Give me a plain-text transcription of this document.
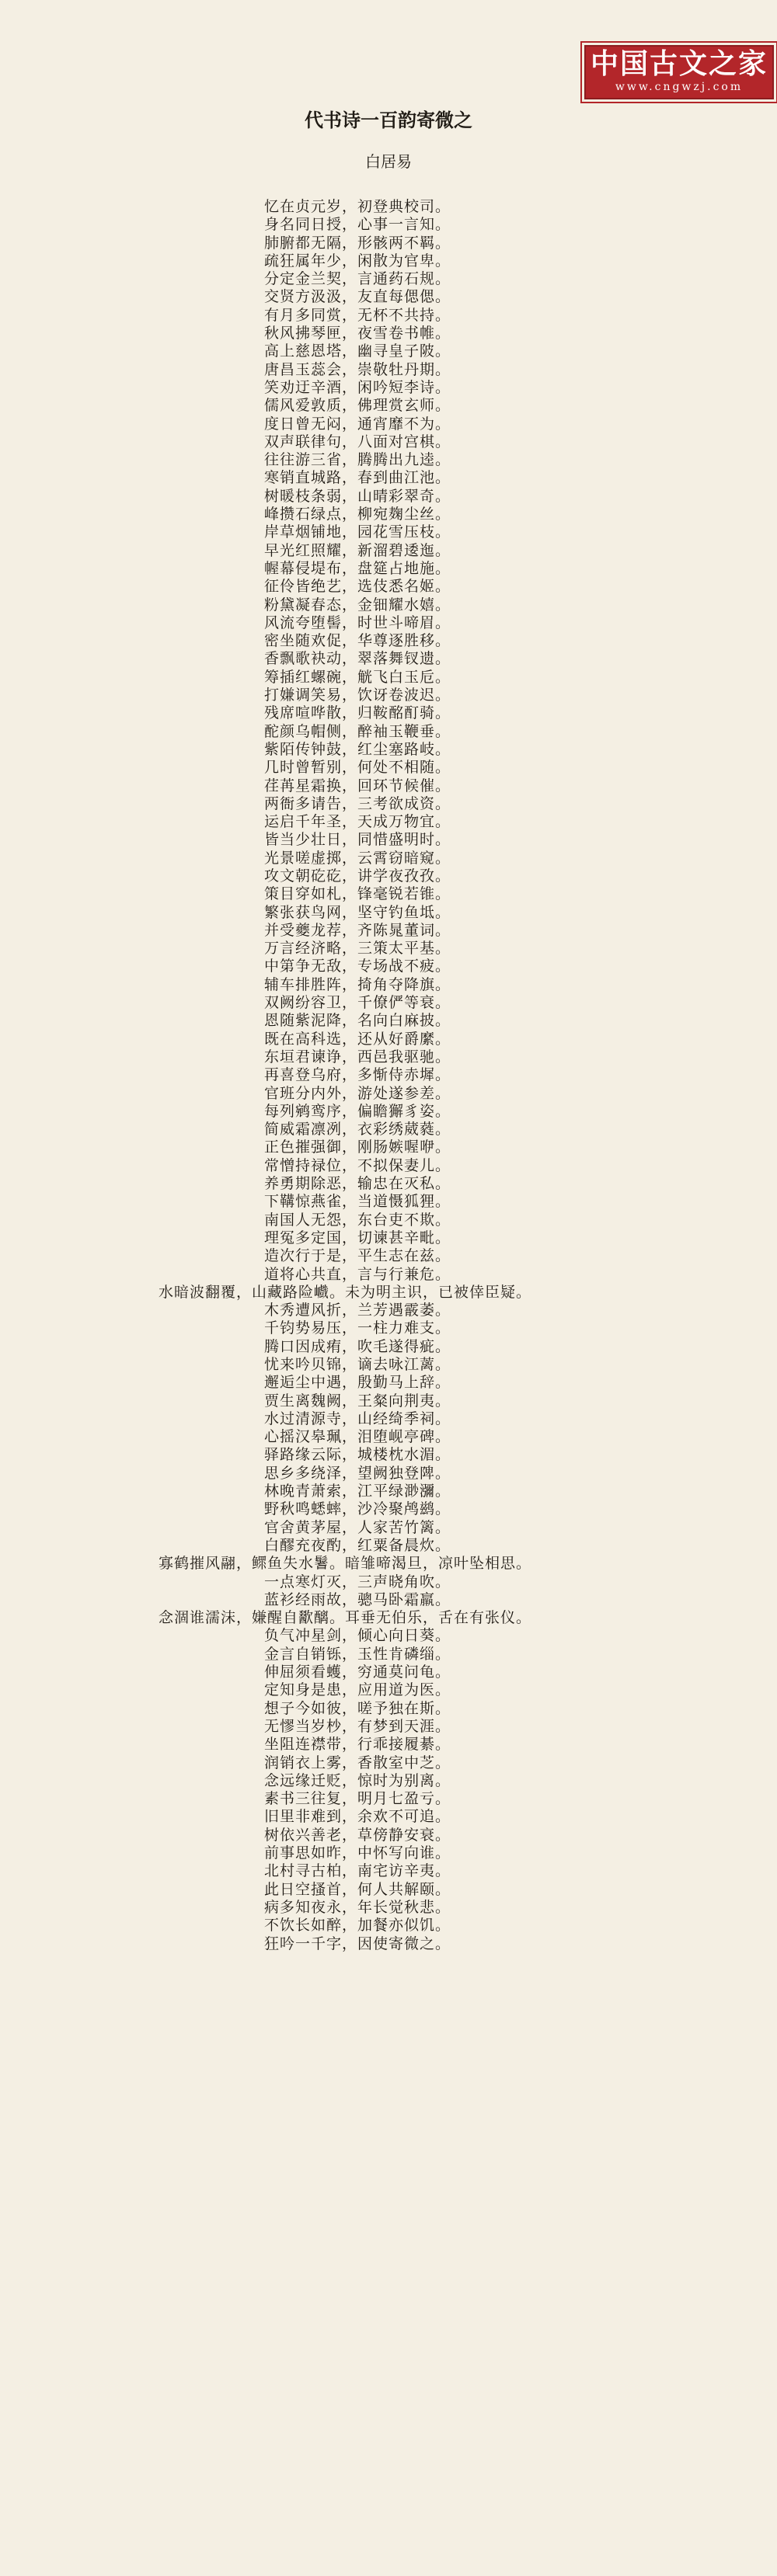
中国古文之家
www.cngwzj.com
代书诗一百韵寄微之
白居易
忆在贞元岁，初登典校司。
身名同日授，心事一言知。
肺腑都无隔，形骸两不羁。
疏狂属年少，闲散为官卑。
分定金兰契，言通药石规。
交贤方汲汲，友直每偲偲。
有月多同赏，无杯不共持。
秋风拂琴匣，夜雪卷书帷。
高上慈恩塔，幽寻皇子陂。
唐昌玉蕊会，崇敬牡丹期。
笑劝迂辛酒，闲吟短李诗。
儒风爱敦质，佛理赏玄师。
度日曾无闷，通宵靡不为。
双声联律句，八面对宫棋。
往往游三省，腾腾出九逵。
寒销直城路，春到曲江池。
树暖枝条弱，山晴彩翠奇。
峰攒石绿点，柳宛麹尘丝。
岸草烟铺地，园花雪压枝。
早光红照耀，新溜碧逶迤。
幄幕侵堤布，盘筵占地施。
征伶皆绝艺，选伎悉名姬。
粉黛凝春态，金钿耀水嬉。
风流夸堕髻，时世斗啼眉。
密坐随欢促，华尊逐胜移。
香飘歌袂动，翠落舞钗遗。
筹插红螺碗，觥飞白玉卮。
打嫌调笑易，饮讶卷波迟。
残席喧哗散，归鞍酩酊骑。
酡颜乌帽侧，醉袖玉鞭垂。
紫陌传钟鼓，红尘塞路岐。
几时曾暂别，何处不相随。
荏苒星霜换，回环节候催。
两衙多请告，三考欲成资。
运启千年圣，天成万物宜。
皆当少壮日，同惜盛明时。
光景嗟虚掷，云霄窃暗窥。
攻文朝矻矻，讲学夜孜孜。
策目穿如札，锋毫锐若锥。
繁张获鸟网，坚守钓鱼坻。
并受夔龙荐，齐陈晁董词。
万言经济略，三策太平基。
中第争无敌，专场战不疲。
辅车排胜阵，掎角夺降旗。
双阙纷容卫，千僚俨等衰。
恩随紫泥降，名向白麻披。
既在高科选，还从好爵縻。
东垣君谏诤，西邑我驱驰。
再喜登乌府，多惭侍赤墀。
官班分内外，游处遂参差。
每列鹓鸾序，偏瞻獬豸姿。
简威霜凛冽，衣彩绣葳蕤。
正色摧强御，刚肠嫉喔咿。
常憎持禄位，不拟保妻儿。
养勇期除恶，输忠在灭私。
下鞲惊燕雀，当道慑狐狸。
南国人无怨，东台吏不欺。
理冤多定国，切谏甚辛毗。
造次行于是，平生志在兹。
道将心共直，言与行兼危。
水暗波翻覆，山藏路险巇。未为明主识，已被倖臣疑。
木秀遭风折，兰芳遇霰萎。
千钧势易压，一柱力难支。
腾口因成痏，吹毛遂得疵。
忧来吟贝锦，谪去咏江蓠。
邂逅尘中遇，殷勤马上辞。
贾生离魏阙，王粲向荆夷。
水过清源寺，山经绮季祠。
心摇汉皋珮，泪堕岘亭碑。
驿路缘云际，城楼枕水湄。
思乡多绕泽，望阙独登陴。
林晚青萧索，江平绿渺瀰。
野秋鸣蟋蟀，沙冷聚鸬鹚。
官舍黄茅屋，人家苦竹篱。
白醪充夜酌，红粟备晨炊。
寡鹤摧风翮，鳏鱼失水鬐。暗雏啼渴旦，凉叶坠相思。
一点寒灯灭，三声晓角吹。
蓝衫经雨故，骢马卧霜羸。
念涸谁濡沫，嫌醒自歠醨。耳垂无伯乐，舌在有张仪。
负气冲星剑，倾心向日葵。
金言自销铄，玉性肯磷缁。
伸屈须看蠖，穷通莫问龟。
定知身是患，应用道为医。
想子今如彼，嗟予独在斯。
无憀当岁杪，有梦到天涯。
坐阻连襟带，行乖接履綦。
润销衣上雾，香散室中芝。
念远缘迁贬，惊时为别离。
素书三往复，明月七盈亏。
旧里非难到，余欢不可追。
树依兴善老，草傍静安衰。
前事思如昨，中怀写向谁。
北村寻古柏，南宅访辛夷。
此日空搔首，何人共解颐。
病多知夜永，年长觉秋悲。
不饮长如醉，加餐亦似饥。
狂吟一千字，因使寄微之。
